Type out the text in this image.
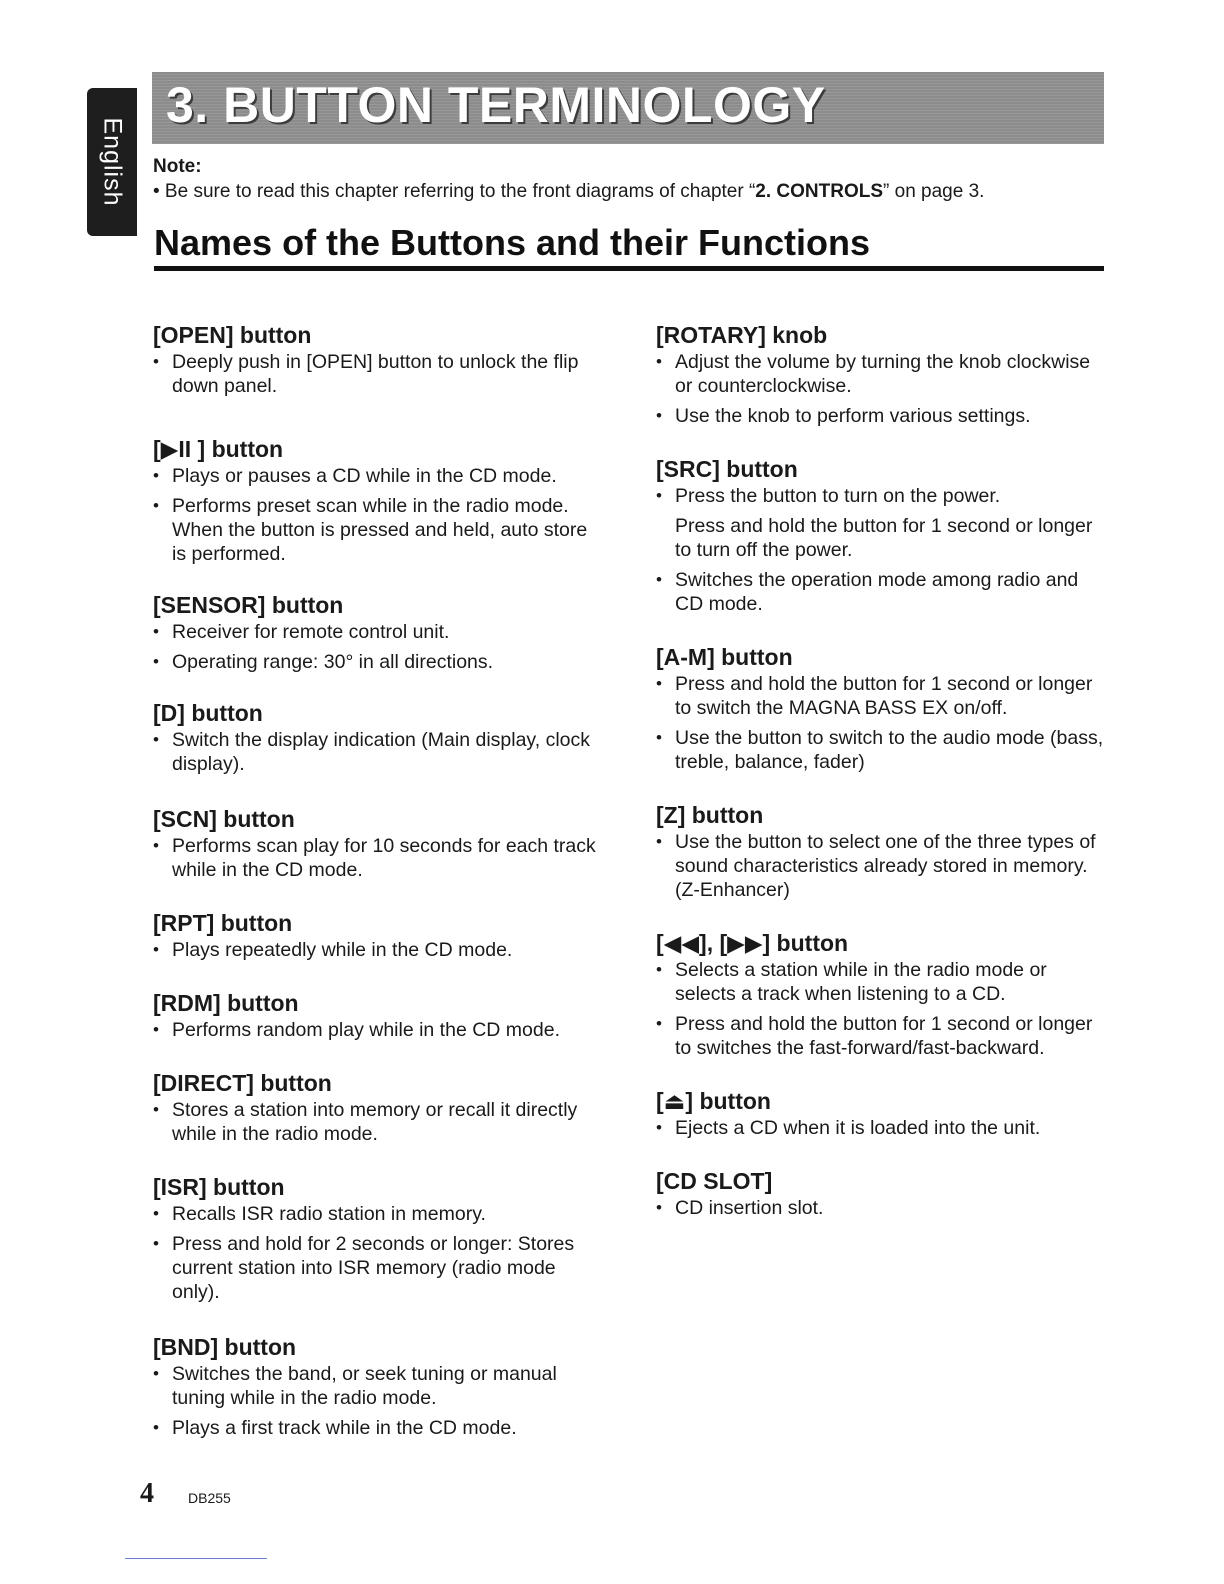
English
3. BUTTON TERMINOLOGY
Note:
• Be sure to read this chapter referring to the front diagrams of chapter “2. CONTROLS” on page 3.
Names of the Buttons and their Functions
[OPEN] button
• Deeply push in [OPEN] button to unlock the flip down panel.
[▶II ] button
• Plays or pauses a CD while in the CD mode.
• Performs preset scan while in the radio mode. When the button is pressed and held, auto store is performed.
[SENSOR] button
• Receiver for remote control unit.
• Operating range: 30° in all directions.
[D] button
• Switch the display indication (Main display, clock display).
[SCN] button
• Performs scan play for 10 seconds for each track while in the CD mode.
[RPT] button
• Plays repeatedly while in the CD mode.
[RDM] button
• Performs random play while in the CD mode.
[DIRECT] button
• Stores a station into memory or recall it directly while in the radio mode.
[ISR] button
• Recalls ISR radio station in memory.
• Press and hold for 2 seconds or longer: Stores current station into ISR memory (radio mode only).
[BND] button
• Switches the band, or seek tuning or manual tuning while in the radio mode.
• Plays a first track while in the CD mode.
[ROTARY] knob
• Adjust the volume by turning the knob clockwise or counterclockwise.
• Use the knob to perform various settings.
[SRC] button
• Press the button to turn on the power.
Press and hold the button for 1 second or longer to turn off the power.
• Switches the operation mode among radio and CD mode.
[A-M] button
• Press and hold the button for 1 second or longer to switch the MAGNA BASS EX on/off.
• Use the button to switch to the audio mode (bass, treble, balance, fader)
[Z] button
• Use the button to select one of the three types of sound characteristics already stored in memory. (Z-Enhancer)
[◀◀], [▶▶] button
• Selects a station while in the radio mode or selects a track when listening to a CD.
• Press and hold the button for 1 second or longer to switches the fast-forward/fast-backward.
[⏏] button
• Ejects a CD when it is loaded into the unit.
[CD SLOT]
• CD insertion slot.
4 DB255
